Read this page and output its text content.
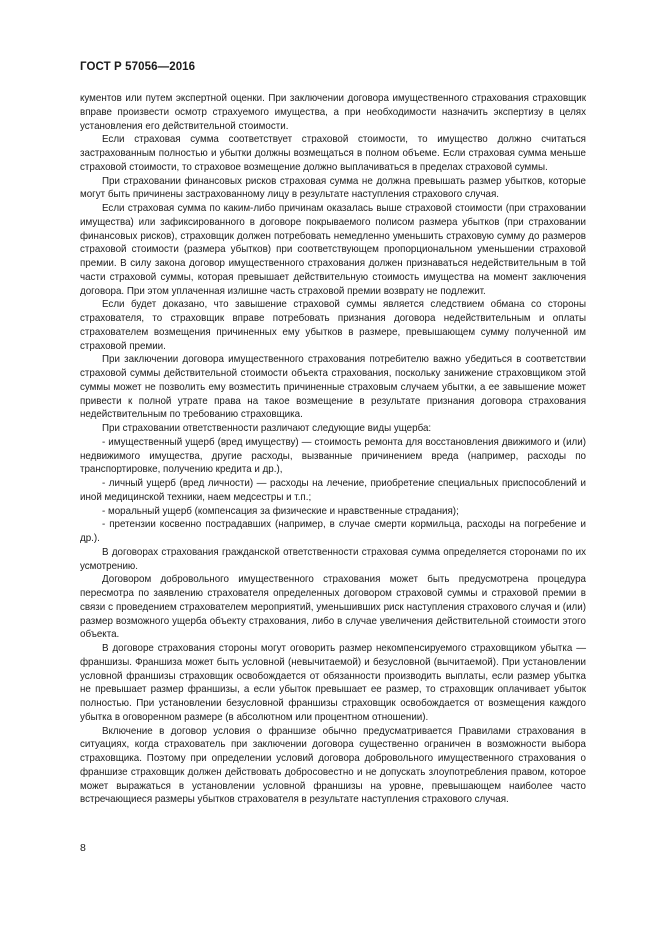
ГОСТ Р 57056—2016

кументов или путем экспертной оценки. При заключении договора имущественного страхования страховщик вправе произвести осмотр страхуемого имущества, а при необходимости назначить экспертизу в целях установления его действительной стоимости.

Если страховая сумма соответствует страховой стоимости, то имущество должно считаться застрахованным полностью и убытки должны возмещаться в полном объеме. Если страховая сумма меньше страховой стоимости, то страховое возмещение должно выплачиваться в пределах страховой суммы.

При страховании финансовых рисков страховая сумма не должна превышать размер убытков, которые могут быть причинены застрахованному лицу в результате наступления страхового случая.

Если страховая сумма по каким-либо причинам оказалась выше страховой стоимости (при страховании имущества) или зафиксированного в договоре покрываемого полисом размера убытков (при страховании финансовых рисков), страховщик должен потребовать немедленно уменьшить страховую сумму до размеров страховой стоимости (размера убытков) при соответствующем пропорциональном уменьшении страховой премии. В силу закона договор имущественного страхования должен признаваться недействительным в той части страховой суммы, которая превышает действительную стоимость имущества на момент заключения договора. При этом уплаченная излишне часть страховой премии возврату не подлежит.

Если будет доказано, что завышение страховой суммы является следствием обмана со стороны страхователя, то страховщик вправе потребовать признания договора недействительным и оплаты страхователем возмещения причиненных ему убытков в размере, превышающем сумму полученной им страховой премии.

При заключении договора имущественного страхования потребителю важно убедиться в соответствии страховой суммы действительной стоимости объекта страхования, поскольку занижение страховщиком этой суммы может не позволить ему возместить причиненные страховым случаем убытки, а ее завышение может привести к полной утрате права на такое возмещение в результате признания договора страхования недействительным по требованию страховщика.

При страховании ответственности различают следующие виды ущерба:

- имущественный ущерб (вред имуществу) — стоимость ремонта для восстановления движимого и (или) недвижимого имущества, другие расходы, вызванные причинением вреда (например, расходы по транспортировке, получению кредита и др.),

- личный ущерб (вред личности) — расходы на лечение, приобретение специальных приспособлений и иной медицинской техники, наем медсестры и т.п.;

- моральный ущерб (компенсация за физические и нравственные страдания);

- претензии косвенно пострадавших (например, в случае смерти кормильца, расходы на погребение и др.).

В договорах страхования гражданской ответственности страховая сумма определяется сторонами по их усмотрению.

Договором добровольного имущественного страхования может быть предусмотрена процедура пересмотра по заявлению страхователя определенных договором страховой суммы и страховой премии в связи с проведением страхователем мероприятий, уменьшивших риск наступления страхового случая и (или) размер возможного ущерба объекту страхования, либо в случае увеличения действительной стоимости этого объекта.

В договоре страхования стороны могут оговорить размер некомпенсируемого страховщиком убытка — франшизы. Франшиза может быть условной (невычитаемой) и безусловной (вычитаемой). При установлении условной франшизы страховщик освобождается от обязанности производить выплаты, если размер убытка не превышает размер франшизы, а если убыток превышает ее размер, то страховщик оплачивает убыток полностью. При установлении безусловной франшизы страховщик освобождается от возмещения каждого убытка в оговоренном размере (в абсолютном или процентном отношении).

Включение в договор условия о франшизе обычно предусматривается Правилами страхования в ситуациях, когда страхователь при заключении договора существенно ограничен в возможности выбора страховщика. Поэтому при определении условий договора добровольного имущественного страхования о франшизе страховщик должен действовать добросовестно и не допускать злоупотребления правом, которое может выражаться в установлении условной франшизы на уровне, превышающем наиболее часто встречающиеся размеры убытков страхователя в результате наступления страхового случая.

8
